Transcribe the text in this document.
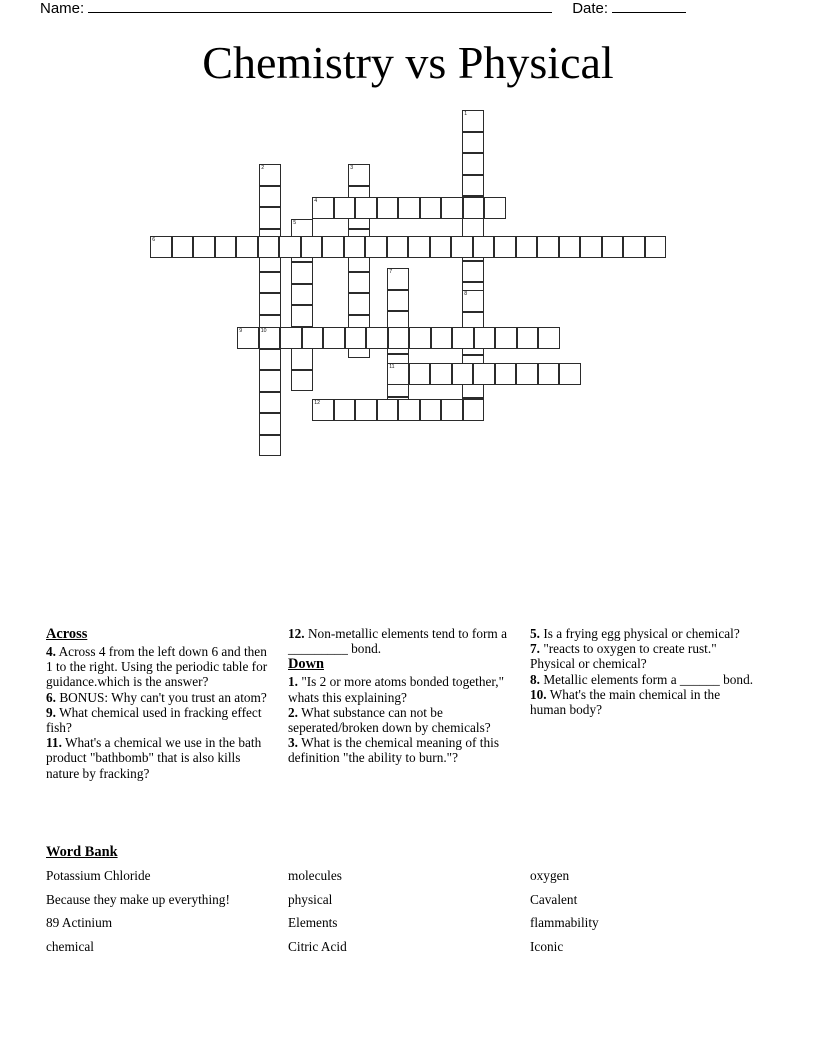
Name:	Date:
Chemistry vs Physical
1
2	3
4
5
6
7
8
9	10
11
12
Across
4. Across 4 from the left down 6 and then 1 to the right. Using the periodic table for guidance.which is the answer?
6. BONUS: Why can't you trust an atom?
9. What chemical used in fracking effect fish?
11. What's a chemical we use in the bath product "bathbomb" that is also kills nature by fracking?
12. Non-metallic elements tend to form a _________ bond.
Down
1. "Is 2 or more atoms bonded together," whats this explaining?
2. What substance can not be seperated/broken down by chemicals?
3. What is the chemical meaning of this definition "the ability to burn."?
5. Is a frying egg physical or chemical?
7. "reacts to oxygen to create rust." Physical or chemical?
8. Metallic elements form a ______ bond.
10. What's the main chemical in the human body?
Word Bank
Potassium Chloride	molecules	oxygen
Because they make up everything!	physical	Cavalent
89 Actinium	Elements	flammability
chemical	Citric Acid	Iconic
